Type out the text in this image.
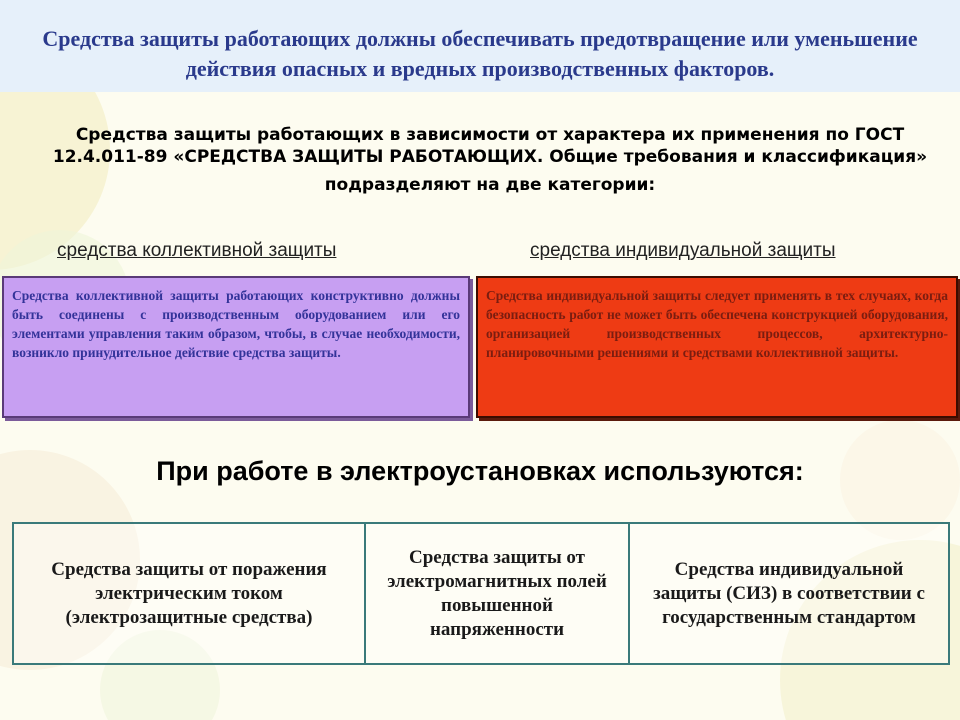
Средства защиты работающих должны обеспечивать предотвращение или уменьшение действия опасных и вредных производственных факторов.
Средства защиты работающих в зависимости от характера их применения по ГОСТ 12.4.011-89 «СРЕДСТВА ЗАЩИТЫ РАБОТАЮЩИХ. Общие требования и классификация»
подразделяют на две категории:
средства коллективной защиты	средства индивидуальной защиты
Средства коллективной защиты работающих конструктивно должны быть соединены с производственным оборудованием или его элементами управления таким образом, чтобы, в случае необходимости, возникло принудительное действие средства защиты.
Средства индивидуальной защиты следует применять в тех случаях, когда безопасность работ не может быть обеспечена конструкцией оборудования, организацией производственных процессов, архитектурно-планировочными решениями и средствами коллективной защиты.
При работе в электроустановках используются:
Средства защиты от поражения электрическим током (электрозащитные средства)
Средства защиты от электромагнитных полей повышенной напряженности
Средства индивидуальной защиты (СИЗ) в соответствии с государственным стандартом
